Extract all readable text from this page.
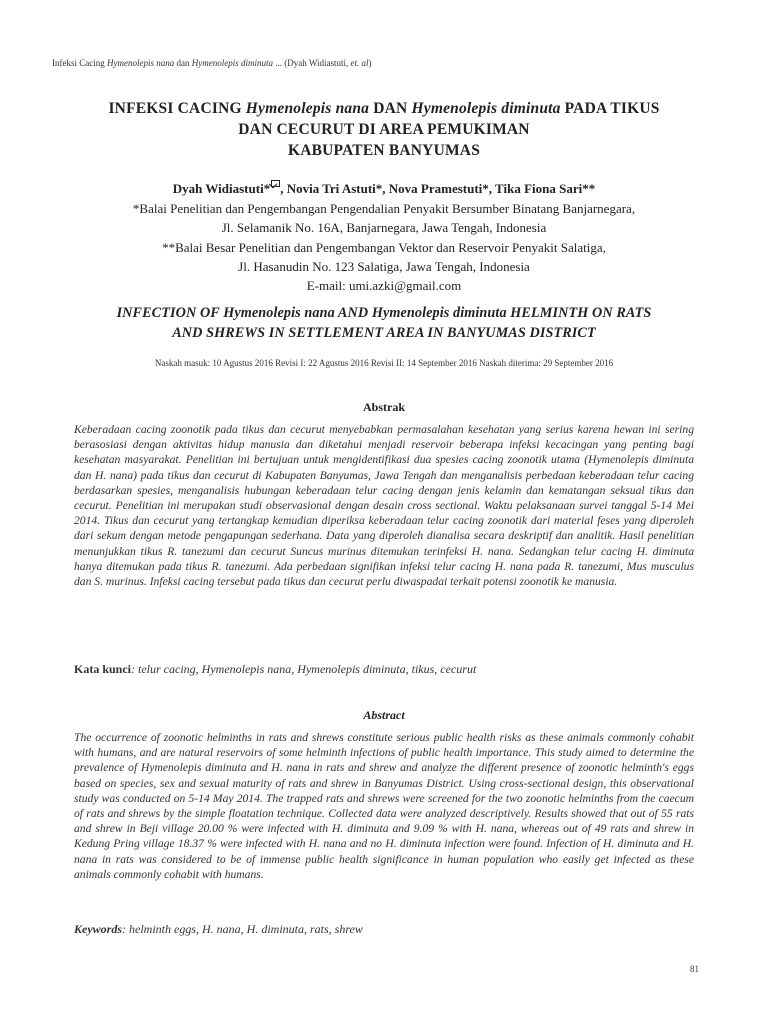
Infeksi Cacing Hymenolepis nana dan Hymenolepis diminuta ... (Dyah Widiastuti, et. al)
INFEKSI CACING Hymenolepis nana DAN Hymenolepis diminuta PADA TIKUS
DAN CECURUT DI AREA PEMUKIMAN
KABUPATEN BANYUMAS
Dyah Widiastuti* , Novia Tri Astuti*, Nova Pramestuti*, Tika Fiona Sari**
*Balai Penelitian dan Pengembangan Pengendalian Penyakit Bersumber Binatang Banjarnegara,
Jl. Selamanik No. 16A, Banjarnegara, Jawa Tengah, Indonesia
**Balai Besar Penelitian dan Pengembangan Vektor dan Reservoir Penyakit Salatiga,
Jl. Hasanudin No. 123 Salatiga, Jawa Tengah, Indonesia
E-mail: umi.azki@gmail.com
INFECTION OF Hymenolepis nana AND Hymenolepis diminuta HELMINTH ON RATS
AND SHREWS IN SETTLEMENT AREA IN BANYUMAS DISTRICT
Naskah masuk: 10 Agustus 2016 Revisi I: 22 Agustus 2016 Revisi II: 14 September 2016 Naskah diterima: 29 September 2016
Abstrak
Keberadaan cacing zoonotik pada tikus dan cecurut menyebabkan permasalahan kesehatan yang serius karena hewan ini sering berasosiasi dengan aktivitas hidup manusia dan diketahui menjadi reservoir beberapa infeksi kecacingan yang penting bagi kesehatan masyarakat. Penelitian ini bertujuan untuk mengidentifikasi dua spesies cacing zoonotik utama (Hymenolepis diminuta dan H. nana) pada tikus dan cecurut di Kabupaten Banyumas, Jawa Tengah dan menganalisis perbedaan keberadaan telur cacing berdasarkan spesies, menganalisis hubungan keberadaan telur cacing dengan jenis kelamin dan kematangan seksual tikus dan cecurut. Penelitian ini merupakan studi observasional dengan desain cross sectional. Waktu pelaksanaan survei tanggal 5-14 Mei 2014. Tikus dan cecurut yang tertangkap kemudian diperiksa keberadaan telur cacing zoonotik dari material feses yang diperoleh dari sekum dengan metode pengapungan sederhana. Data yang diperoleh dianalisa secara deskriptif dan analitik. Hasil penelitian menunjukkan tikus R. tanezumi dan cecurut Suncus murinus ditemukan terinfeksi H. nana. Sedangkan telur cacing H. diminuta hanya ditemukan pada tikus R. tanezumi. Ada perbedaan signifikan infeksi telur cacing H. nana pada R. tanezumi, Mus musculus dan S. murinus. Infeksi cacing tersebut pada tikus dan cecurut perlu diwaspadai terkait potensi zoonotik ke manusia.
Kata kunci: telur cacing, Hymenolepis nana, Hymenolepis diminuta, tikus, cecurut
Abstract
The occurrence of zoonotic helminths in rats and shrews constitute serious public health risks as these animals commonly cohabit with humans, and are natural reservoirs of some helminth infections of public health importance. This study aimed to determine the prevalence of Hymenolepis diminuta and H. nana in rats and shrew and analyze the different presence of zoonotic helminth's eggs based on species, sex and sexual maturity of rats and shrew in Banyumas District. Using cross-sectional design, this observational study was conducted on 5-14 May 2014. The trapped rats and shrews were screened for the two zoonotic helminths from the caecum of rats and shrews by the simple floatation technique. Collected data were analyzed descriptively. Results showed that out of 55 rats and shrew in Beji village 20.00 % were infected with H. diminuta and 9.09 % with H. nana, whereas out of 49 rats and shrew in Kedung Pring village 18.37 % were infected with H. nana and no H. diminuta infection were found. Infection of H. diminuta and H. nana in rats was considered to be of immense public health significance in human population who easily get infected as these animals commonly cohabit with humans.
Keywords: helminth eggs, H. nana, H. diminuta, rats, shrew
81
